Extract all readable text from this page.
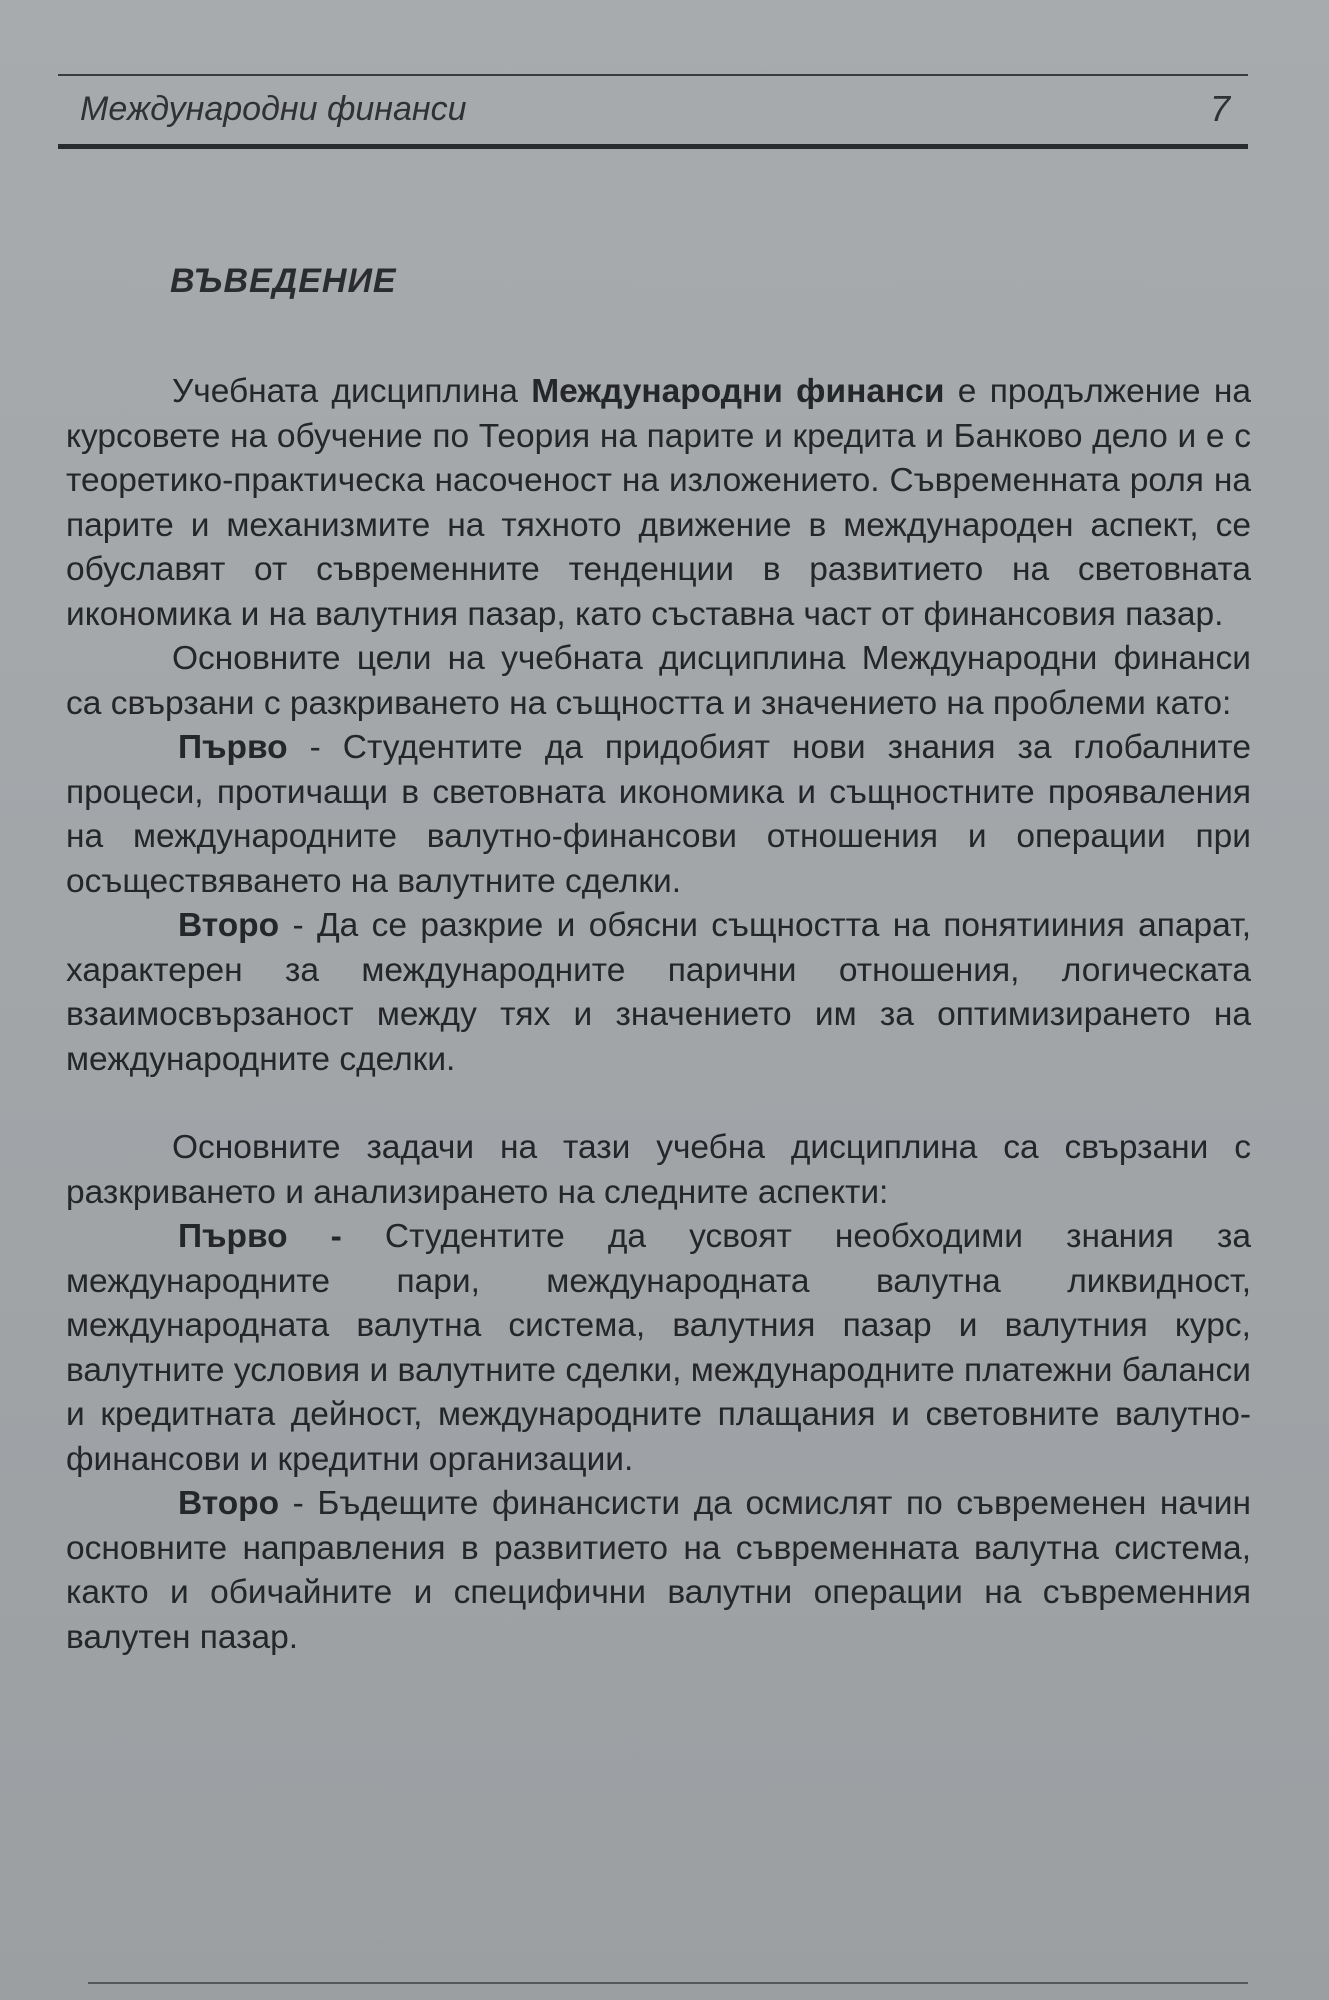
Международни финанси	7
ВЪВЕДЕНИЕ

Учебната дисциплина Международни финанси е продължение на курсовете на обучение по Теория на парите и кредита и Банково дело и е с теоретико-практическа насоченост на изложението. Съвременната роля на парите и механизмите на тяхното движение в международен аспект, се обуславят от съвременните тенденции в развитието на световната икономика и на валутния пазар, като съставна част от финансовия пазар.

Основните цели на учебната дисциплина Международни финанси са свързани с разкриването на същността и значението на проблеми като:

Първо - Студентите да придобият нови знания за глобалните процеси, протичащи в световната икономика и същностните прояваления на международните валутно-финансови отношения и операции при осъществяването на валутните сделки.

Второ - Да се разкрие и обясни същността на понятииния апарат, характерен за международните парични отношения, логическата взаимосвързаност между тях и значението им за оптимизирането на международните сделки.

Основните задачи на тази учебна дисциплина са свързани с разкриването и анализирането на следните аспекти:

Първо - Студентите да усвоят необходими знания за международните пари, международната валутна ликвидност, международната валутна система, валутния пазар и валутния курс, валутните условия и валутните сделки, международните платежни баланси и кредитната дейност, международните плащания и световните валутно-финансови и кредитни организации.

Второ - Бъдещите финансисти да осмислят по съвременен начин основните направления в развитието на съвременната валутна система, както и обичайните и специфични валутни операции на съвременния валутен пазар.
